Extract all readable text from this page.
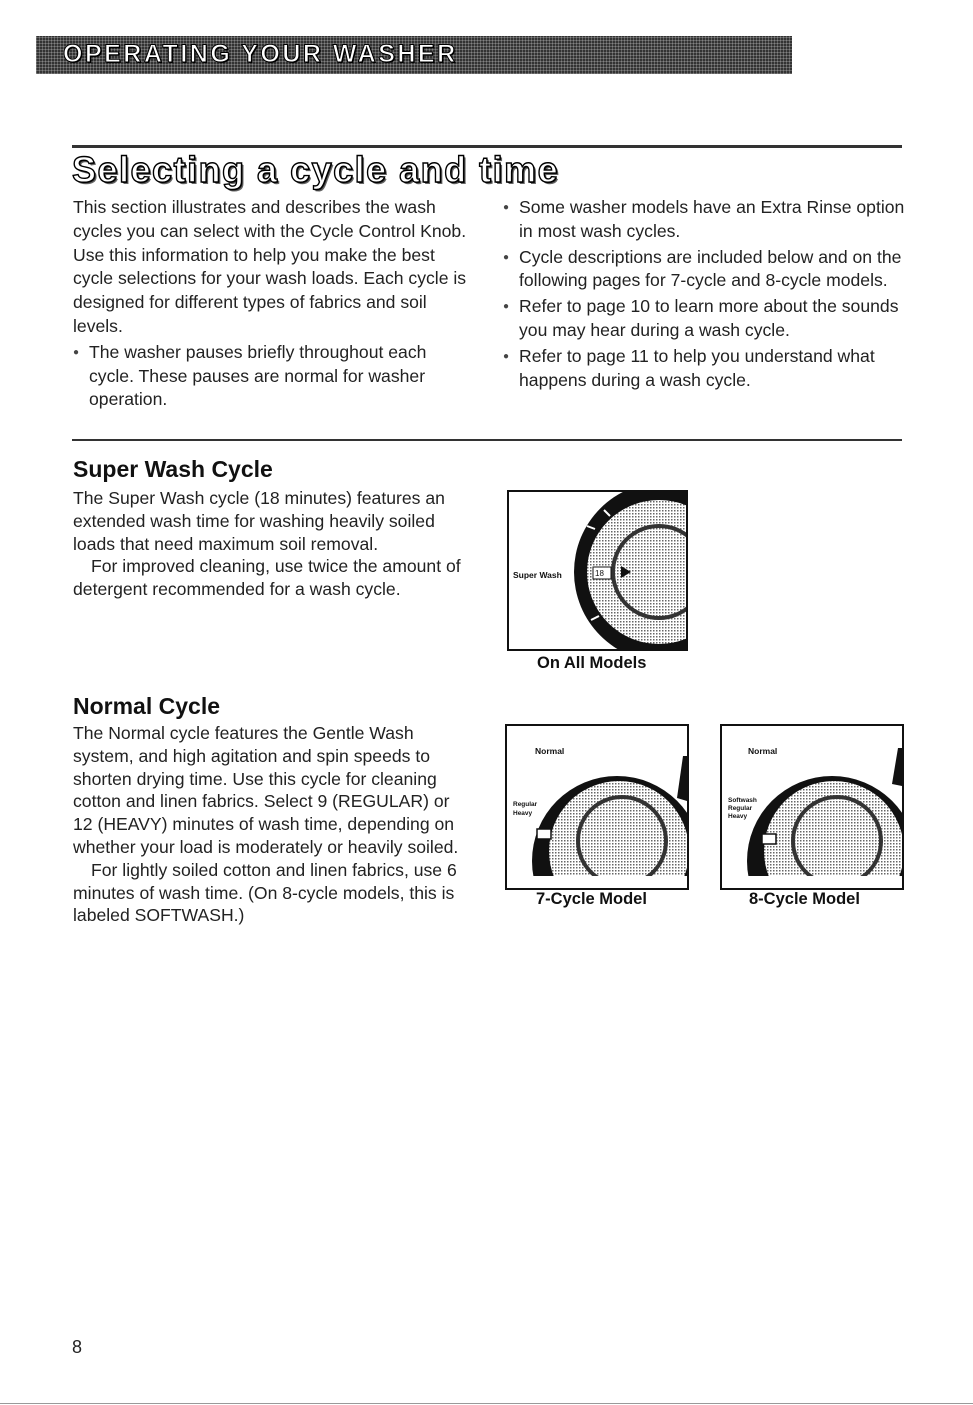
OPERATING YOUR WASHER
Selecting a cycle and time

This section illustrates and describes the wash cycles you can select with the Cycle Control Knob. Use this information to help you make the best cycle selections for your wash loads. Each cycle is designed for different types of fabrics and soil levels.

● The washer pauses briefly throughout each cycle. These pauses are normal for washer operation.
● Some washer models have an Extra Rinse option in most wash cycles.
● Cycle descriptions are included below and on the following pages for 7-cycle and 8-cycle models.
● Refer to page 10 to learn more about the sounds you may hear during a wash cycle.
● Refer to page 11 to help you understand what happens during a wash cycle.
Super Wash Cycle

The Super Wash cycle (18 minutes) features an extended wash time for washing heavily soiled loads that need maximum soil removal.

For improved cleaning, use twice the amount of detergent recommended for a wash cycle.

Super Wash	18
On All Models
Normal Cycle

The Normal cycle features the Gentle Wash system, and high agitation and spin speeds to shorten drying time. Use this cycle for cleaning cotton and linen fabrics. Select 9 (REGULAR) or 12 (HEAVY) minutes of wash time, depending on whether your load is moderately or heavily soiled.

For lightly soiled cotton and linen fabrics, use 6 minutes of wash time. (On 8-cycle models, this is labeled SOFTWASH.)

Normal
Regular
Heavy
7-Cycle Model
Normal
Softwash
Regular
Heavy
8-Cycle Model
8
